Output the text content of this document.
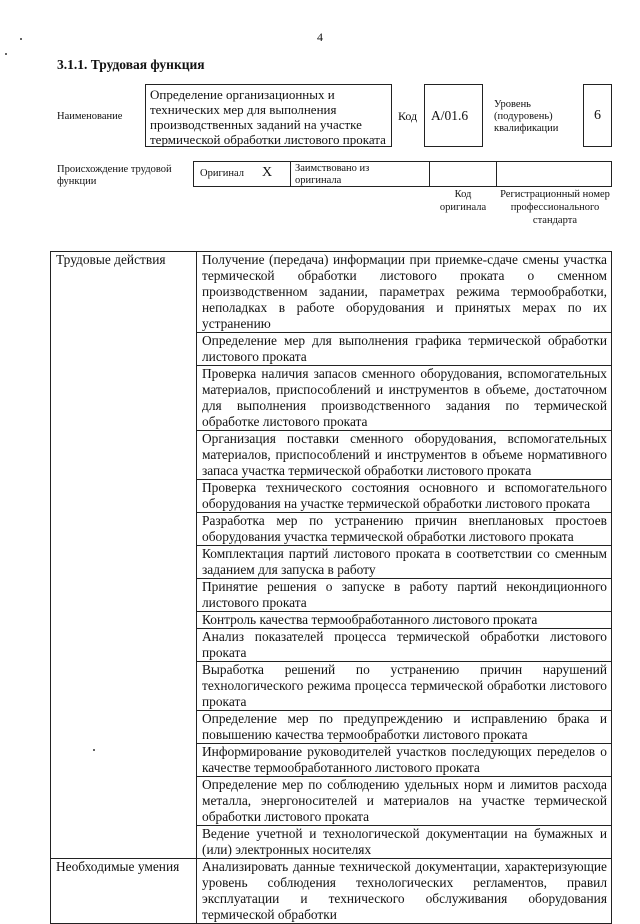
4
3.1.1. Трудовая функция
Наименование
Определение организационных и технических мер для выполнения производственных заданий на участке термической обработки листового проката
Код A/01.6
Уровень (подуровень) квалификации
6
Происхождение трудовой функции
Оригинал X Заимствовано из оригинала
Код оригинала
Регистрационный номер профессионального стандарта
Трудовые действия	Получение (передача) информации при приемке-сдаче смены участка термической обработки листового проката о сменном производственном задании, параметрах режима термообработки, неполадках в работе оборудования и принятых мерах по их устранению
	Определение мер для выполнения графика термической обработки листового проката
	Проверка наличия запасов сменного оборудования, вспомогательных материалов, приспособлений и инструментов в объеме, достаточном для выполнения производственного задания по термической обработке листового проката
	Организация поставки сменного оборудования, вспомогательных материалов, приспособлений и инструментов в объеме нормативного запаса участка термической обработки листового проката
	Проверка технического состояния основного и вспомогательного оборудования на участке термической обработки листового проката
	Разработка мер по устранению причин внеплановых простоев оборудования участка термической обработки листового проката
	Комплектация партий листового проката в соответствии со сменным заданием для запуска в работу
	Принятие решения о запуске в работу партий некондиционного листового проката
	Контроль качества термообработанного листового проката
	Анализ показателей процесса термической обработки листового проката
	Выработка решений по устранению причин нарушений технологического режима процесса термической обработки листового проката
	Определение мер по предупреждению и исправлению брака и повышению качества термообработки листового проката
	Информирование руководителей участков последующих переделов о качестве термообработанного листового проката
	Определение мер по соблюдению удельных норм и лимитов расхода металла, энергоносителей и материалов на участке термической обработки листового проката
	Ведение учетной и технологической документации на бумажных и (или) электронных носителях
Необходимые умения	Анализировать данные технической документации, характеризующие уровень соблюдения технологических регламентов, правил эксплуатации и технического обслуживания оборудования термической обработки
